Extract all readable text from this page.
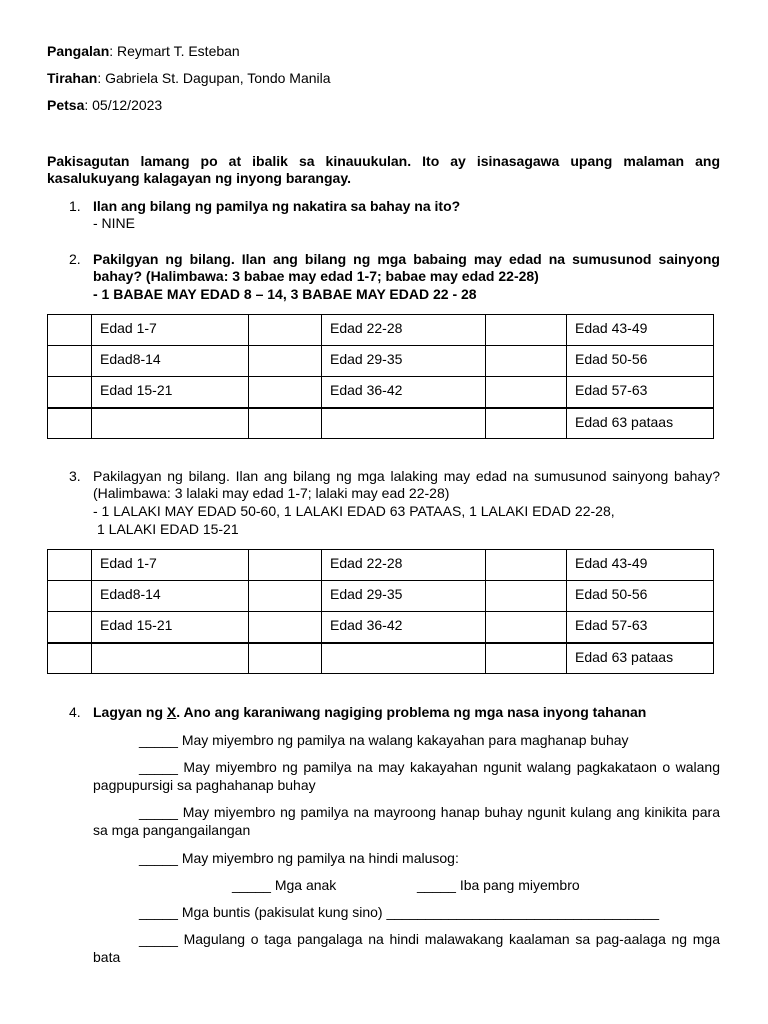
Pangalan: Reymart T. Esteban
Tirahan: Gabriela St. Dagupan, Tondo Manila
Petsa: 05/12/2023
Pakisagutan lamang po at ibalik sa kinauukulan. Ito ay isinasagawa upang malaman ang kasalukuyang kalagayan ng inyong barangay.
1. Ilan ang bilang ng pamilya ng nakatira sa bahay na ito?
- NINE
2. Pakilgyan ng bilang. Ilan ang bilang ng mga babaing may edad na sumusunod sainyong bahay? (Halimbawa: 3 babae may edad 1-7; babae may edad 22-28)
- 1 BABAE MAY EDAD 8 – 14, 3 BABAE MAY EDAD 22 - 28
	Edad 1-7		Edad 22-28		Edad 43-49
	Edad8-14		Edad 29-35		Edad 50-56
	Edad 15-21		Edad 36-42		Edad 57-63
					Edad 63 pataas
3. Pakilagyan ng bilang. Ilan ang bilang ng mga lalaking may edad na sumusunod sainyong bahay? (Halimbawa: 3 lalaki may edad 1-7; lalaki may ead 22-28)
- 1 LALAKI MAY EDAD 50-60, 1 LALAKI EDAD 63 PATAAS, 1 LALAKI EDAD 22-28,
1 LALAKI EDAD 15-21
	Edad 1-7		Edad 22-28		Edad 43-49
	Edad8-14		Edad 29-35		Edad 50-56
	Edad 15-21		Edad 36-42		Edad 57-63
					Edad 63 pataas
4. Lagyan ng X. Ano ang karaniwang nagiging problema ng mga nasa inyong tahanan
_____ May miyembro ng pamilya na walang kakayahan para maghanap buhay
_____ May miyembro ng pamilya na may kakayahan ngunit walang pagkakataon o walang pagpupursigi sa paghahanap buhay
_____ May miyembro ng pamilya na mayroong hanap buhay ngunit kulang ang kinikita para sa mga pangangailangan
_____ May miyembro ng pamilya na hindi malusog:
_____ Mga anak	_____ Iba pang miyembro
_____ Mga buntis (pakisulat kung sino) ___________________________________
_____ Magulang o taga pangalaga na hindi malawakang kaalaman sa pag-aalaga ng mga bata
